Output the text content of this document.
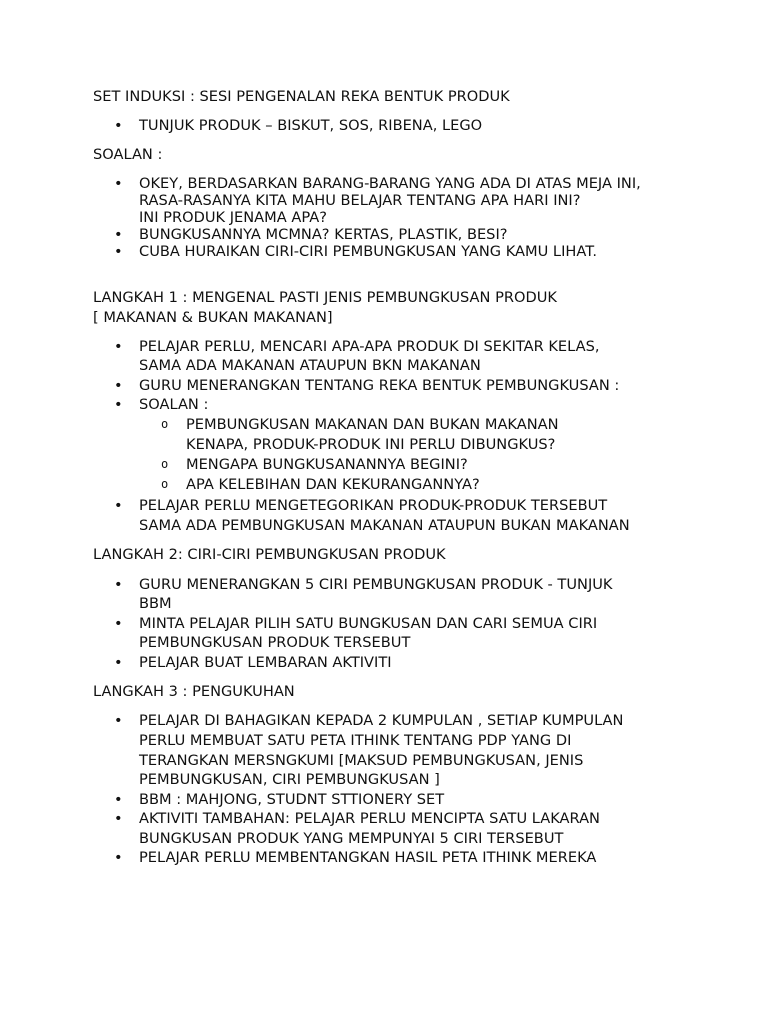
SET INDUKSI : SESI PENGENALAN REKA BENTUK PRODUK
• TUNJUK PRODUK – BISKUT, SOS, RIBENA, LEGO
SOALAN :
• OKEY, BERDASARKAN BARANG-BARANG YANG ADA DI ATAS MEJA INI,
RASA-RASANYA KITA MAHU BELAJAR TENTANG APA HARI INI?
INI PRODUK JENAMA APA?
• BUNGKUSANNYA MCMNA? KERTAS, PLASTIK, BESI?
• CUBA HURAIKAN CIRI-CIRI PEMBUNGKUSAN YANG KAMU LIHAT.
LANGKAH 1 : MENGENAL PASTI JENIS PEMBUNGKUSAN PRODUK
[ MAKANAN & BUKAN MAKANAN]
• PELAJAR PERLU, MENCARI APA-APA PRODUK DI SEKITAR KELAS,
SAMA ADA MAKANAN ATAUPUN BKN MAKANAN
• GURU MENERANGKAN TENTANG REKA BENTUK PEMBUNGKUSAN :
• SOALAN :
o PEMBUNGKUSAN MAKANAN DAN BUKAN MAKANAN
KENAPA, PRODUK-PRODUK INI PERLU DIBUNGKUS?
o MENGAPA BUNGKUSANANNYA BEGINI?
o APA KELEBIHAN DAN KEKURANGANNYA?
• PELAJAR PERLU MENGETEGORIKAN PRODUK-PRODUK TERSEBUT
SAMA ADA PEMBUNGKUSAN MAKANAN ATAUPUN BUKAN MAKANAN
LANGKAH 2: CIRI-CIRI PEMBUNGKUSAN PRODUK
• GURU MENERANGKAN 5 CIRI PEMBUNGKUSAN PRODUK - TUNJUK
BBM
• MINTA PELAJAR PILIH SATU BUNGKUSAN DAN CARI SEMUA CIRI
PEMBUNGKUSAN PRODUK TERSEBUT
• PELAJAR BUAT LEMBARAN AKTIVITI
LANGKAH 3 : PENGUKUHAN
• PELAJAR DI BAHAGIKAN KEPADA 2 KUMPULAN , SETIAP KUMPULAN
PERLU MEMBUAT SATU PETA ITHINK TENTANG PDP YANG DI
TERANGKAN MERSNGKUMI [MAKSUD PEMBUNGKUSAN, JENIS
PEMBUNGKUSAN, CIRI PEMBUNGKUSAN ]
• BBM : MAHJONG, STUDNT STTIONERY SET
• AKTIVITI TAMBAHAN: PELAJAR PERLU MENCIPTA SATU LAKARAN
BUNGKUSAN PRODUK YANG MEMPUNYAI 5 CIRI TERSEBUT
• PELAJAR PERLU MEMBENTANGKAN HASIL PETA ITHINK MEREKA
